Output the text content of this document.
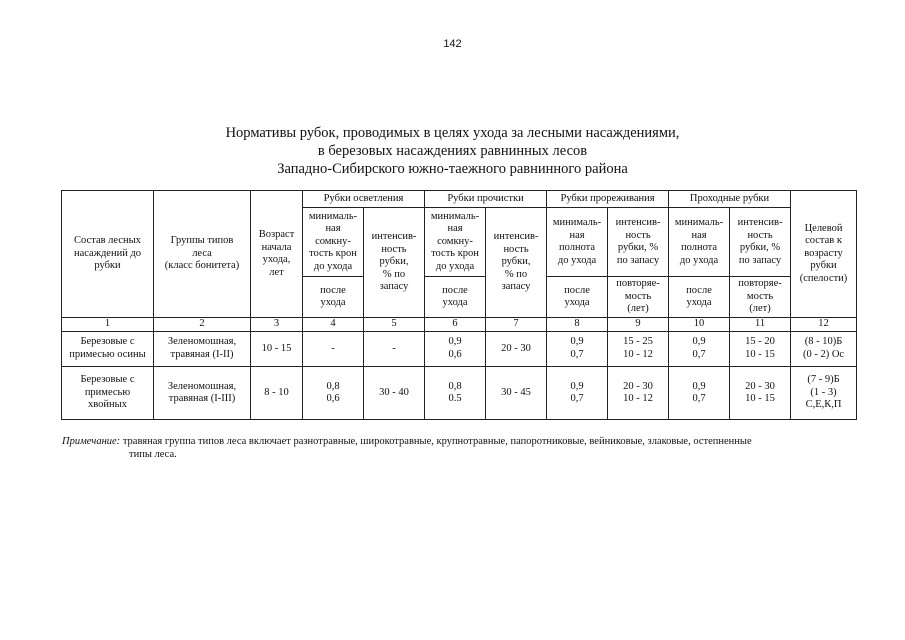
142
Нормативы рубок, проводимых в целях ухода за лесными насаждениями,
в березовых насаждениях равнинных лесов
Западно-Сибирского южно-таежного равнинного района
Состав лесных
насаждений до
рубки	Группы типов
леса
(класс бонитета)	Возраст
начала
ухода,
лет	Рубки осветления		Рубки прочистки		Рубки прореживания		Проходные рубки		Целевой
состав к
возрасту
рубки
(спелости)

			минималь-
ная
сомкну-
тость крон
до ухода	интенсив-
ность
рубки,
% по
запасу	минималь-
ная
сомкну-
тость крон
до ухода	интенсив-
ность
рубки,
% по
запасу	минималь-
ная
полнота
до ухода	интенсив-
ность
рубки, %
по запасу	минималь-
ная
полнота
до ухода	интенсив-
ность
рубки, %
по запасу	

			после
ухода		после
ухода		после
ухода	повторяе-
мость
(лет)	после
ухода	повторяе-
мость
(лет)	

1	2	3	4	5	6	7	8	9	10	11	12

Березовые с
примесью осины	Зеленомошная,
травяная (I-II)	10 - 15	-	-	0,9
0,6	20 - 30	0,9
0,7	15 - 25
10 - 12	0,9
0,7	15 - 20
10 - 15	(8 - 10)Б
(0 - 2) Ос

Березовые с
примесью
хвойных	Зеленомошная,
травяная (I-III)	8 - 10	0,8
0,6	30 - 40	0,8
0.5	30 - 45	0,9
0,7	20 - 30
10 - 12	0,9
0,7	20 - 30
10 - 15	(7 - 9)Б
(1 - 3)
С,Е,К,П
Примечание: травяная группа типов леса включает разнотравные, широкотравные, крупнотравные, папоротниковые, вейниковые, злаковые, остепненные
типы леса.
